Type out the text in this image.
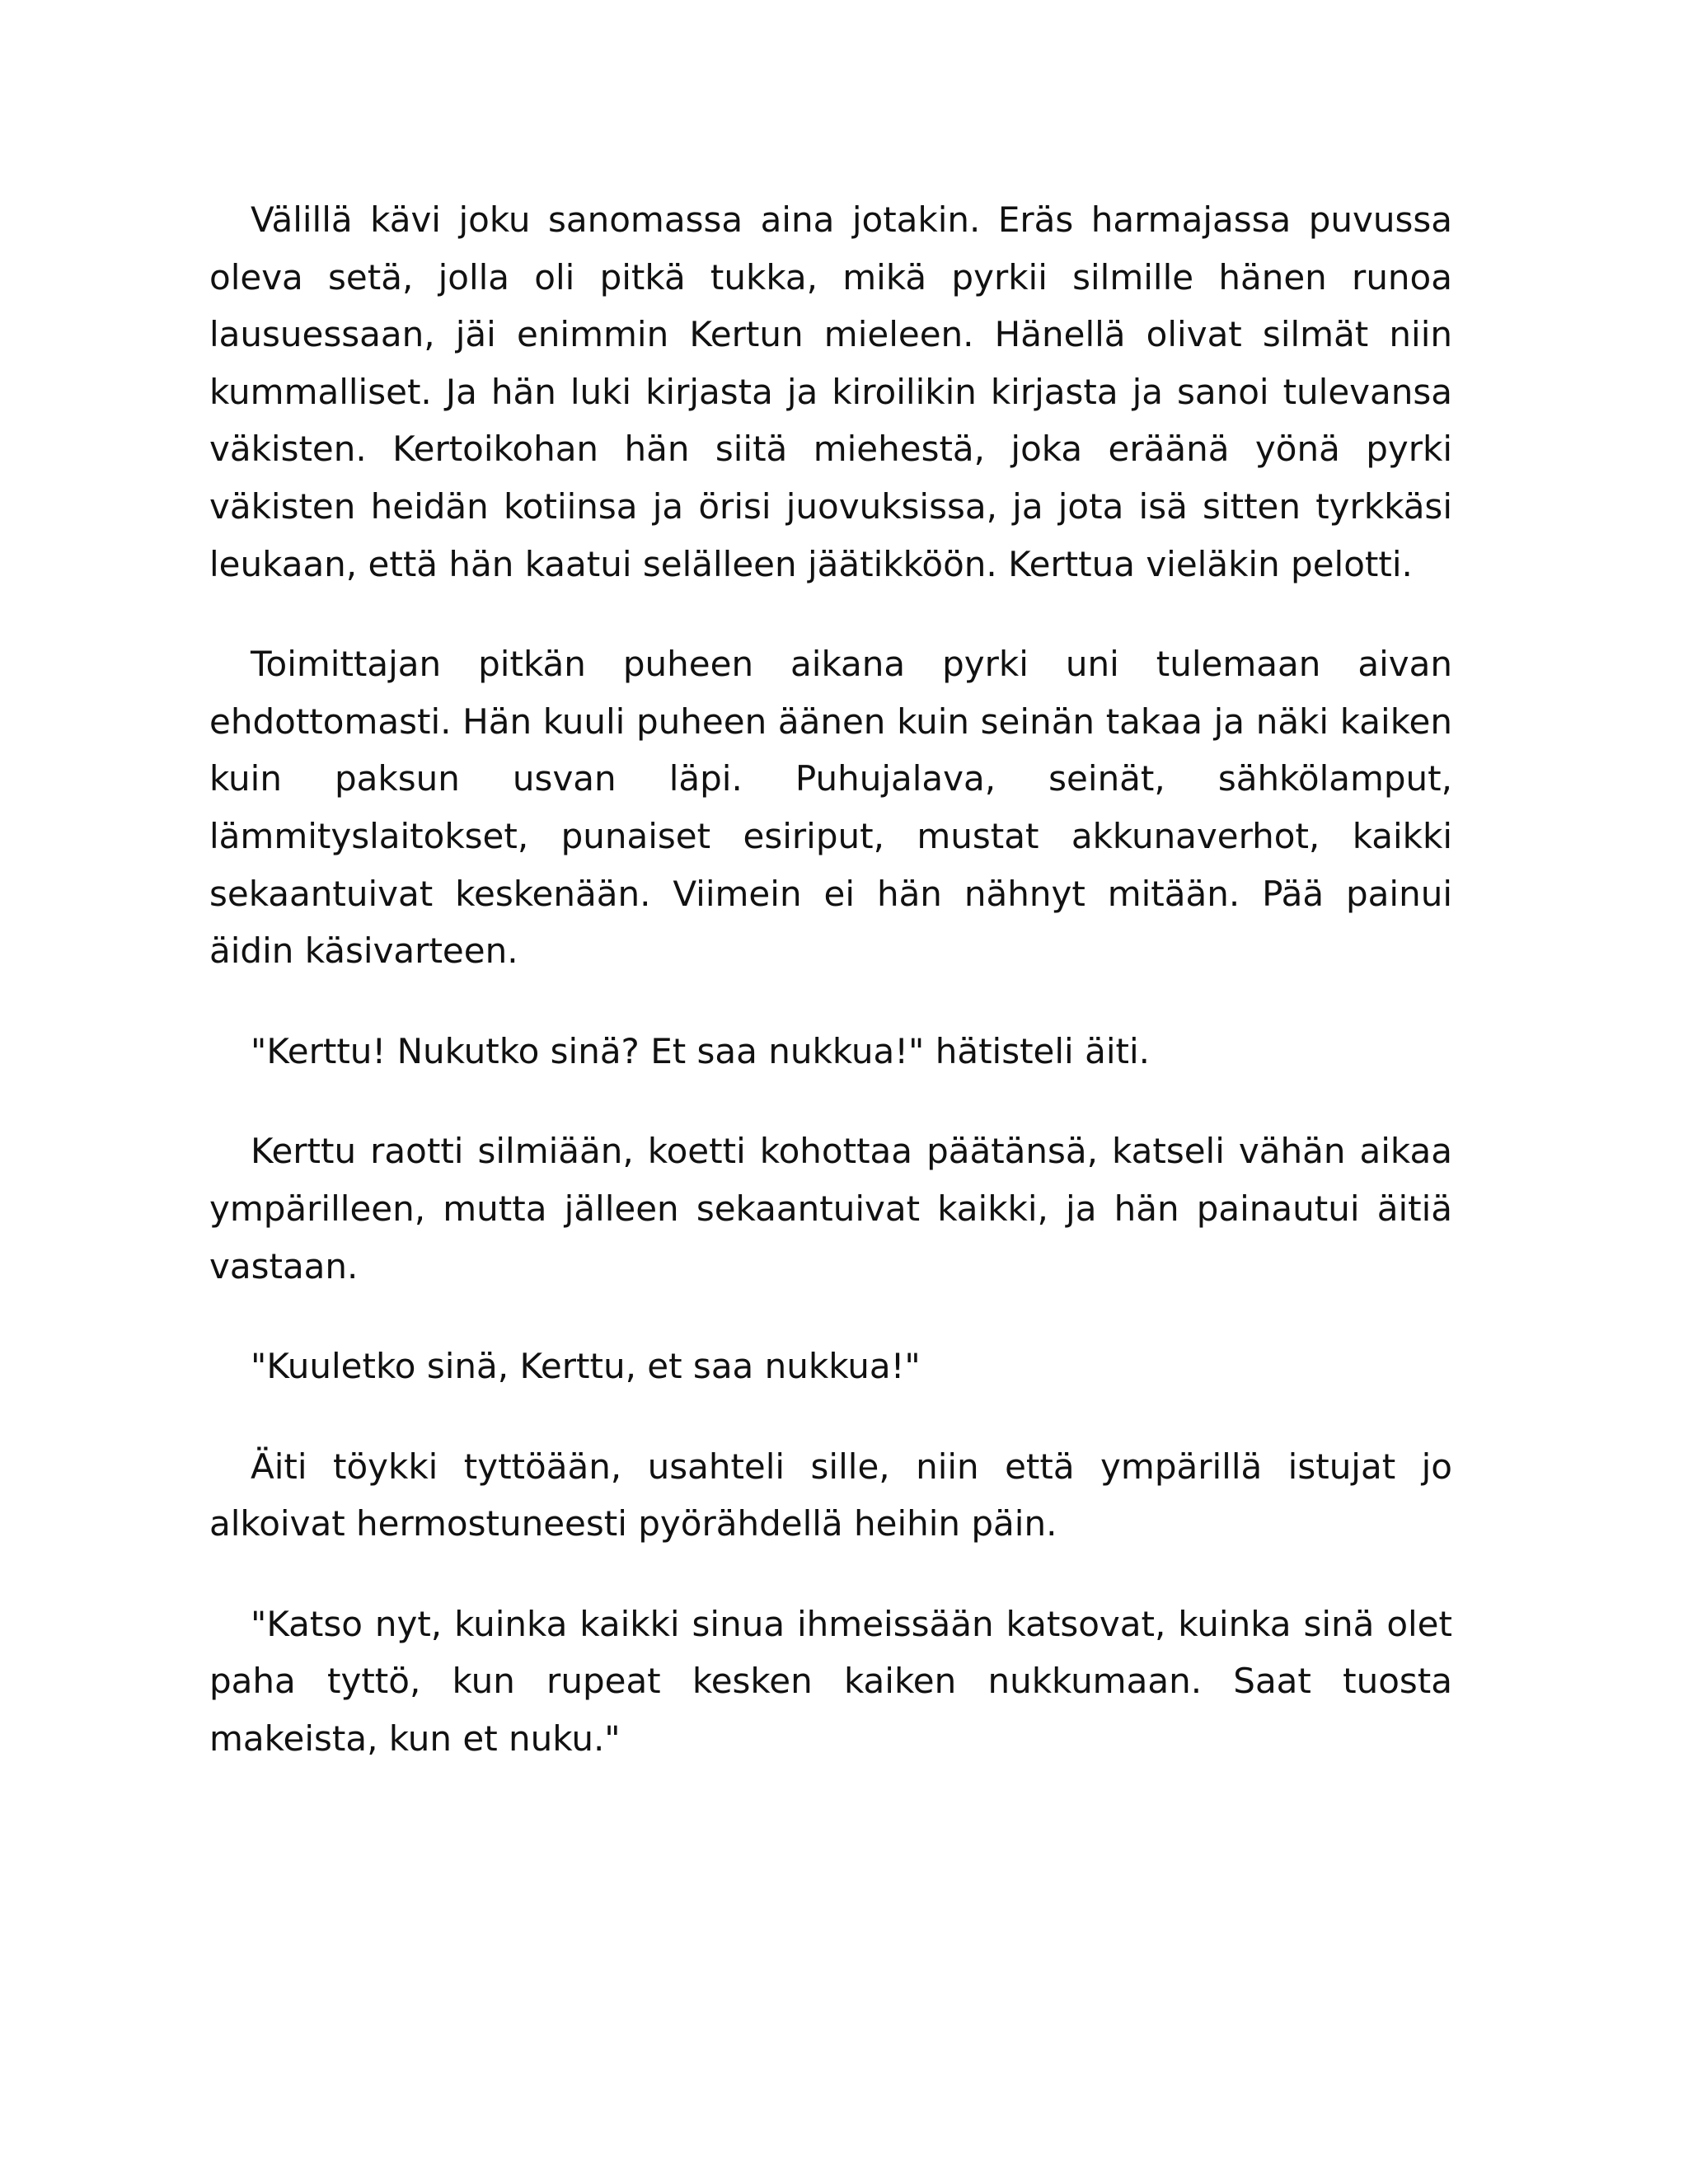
Välillä kävi joku sanomassa aina jotakin. Eräs harmajassa puvussa oleva setä, jolla oli pitkä tukka, mikä pyrkii silmille hänen runoa lausuessaan, jäi enimmin Kertun mieleen. Hänellä olivat silmät niin kummalliset. Ja hän luki kirjasta ja kiroilikin kirjasta ja sanoi tulevansa väkisten. Kertoikohan hän siitä miehestä, joka eräänä yönä pyrki väkisten heidän kotiinsa ja örisi juovuksissa, ja jota isä sitten tyrkkäsi leukaan, että hän kaatui selälleen jäätikköön. Kerttua vieläkin pelotti.

Toimittajan pitkän puheen aikana pyrki uni tulemaan aivan ehdottomasti. Hän kuuli puheen äänen kuin seinän takaa ja näki kaiken kuin paksun usvan läpi. Puhujalava, seinät, sähkölamput, lämmityslaitokset, punaiset esiriput, mustat akkunaverhot, kaikki sekaantuivat keskenään. Viimein ei hän nähnyt mitään. Pää painui äidin käsivarteen.

"Kerttu! Nukutko sinä? Et saa nukkua!" hätisteli äiti.

Kerttu raotti silmiään, koetti kohottaa päätänsä, katseli vähän aikaa ympärilleen, mutta jälleen sekaantuivat kaikki, ja hän painautui äitiä vastaan.

"Kuuletko sinä, Kerttu, et saa nukkua!"

Äiti töykki tyttöään, usahteli sille, niin että ympärillä istujat jo alkoivat hermostuneesti pyörähdellä heihin päin.

"Katso nyt, kuinka kaikki sinua ihmeissään katsovat, kuinka sinä olet paha tyttö, kun rupeat kesken kaiken nukkumaan. Saat tuosta makeista, kun et nuku."
